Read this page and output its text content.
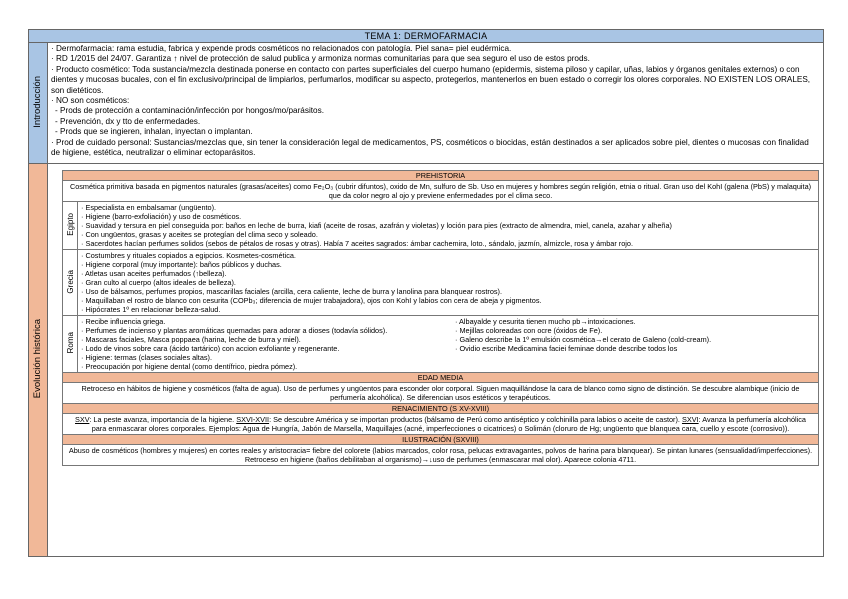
TEMA 1: DERMOFARMACIA
Introducción	
· Dermofarmacia: rama estudia, fabrica y expende prods cosméticos no relacionados con patología. Piel sana= piel eudérmica.
· RD 1/2015 del 24/07. Garantiza ↑ nivel de protección de salud publica y armoniza normas comunitarias para que sea seguro el uso de estos prods.
· Producto cosmético: Toda sustancia/mezcla destinada ponerse en contacto con partes superficiales del cuerpo humano (epidermis, sistema piloso y capilar, uñas, labios y órganos genitales externos) o con dientes y mucosas bucales, con el fin exclusivo/principal de limpiarlos, perfumarlos, modificar su aspecto, protegerlos, mantenerlos en buen estado o corregir los olores corporales. NO EXISTEN LOS ORALES, son dietéticos.
· NO son cosméticos:
- Prods de protección a contaminación/infección por hongos/mo/parásitos.
- Prevención, dx y tto de enfermedades.
- Prods que se ingieren, inhalan, inyectan o implantan.
· Prod de cuidado personal: Sustancias/mezclas que, sin tener la consideración legal de medicamentos, PS, cosméticos o biocidas, están destinados a ser aplicados sobre piel, dientes o mucosas con finalidad de higiene, estética, neutralizar o eliminar ectoparásitos.

Evolución histórica	
PREHISTORIA
Cosmética primitiva basada en pigmentos naturales (grasas/aceites) como Fe₂O₃ (cubrir difuntos), oxido de Mn, sulfuro de Sb. Uso en mujeres y hombres según religión, etnia o ritual. Gran uso del KohI (galena (PbS) y malaquita) que da color negro al ojo y previene enfermedades por el clima seco.
Egipto	
· Especialista en embalsamar (ungüento).
· Higiene (barro-exfoliación) y uso de cosméticos.
· Suavidad y tersura en piel conseguida por: baños en leche de burra, kiafi (aceite de rosas, azafrán y violetas) y loción para pies (extracto de almendra, miel, canela, azahar y alheña)
· Con ungüentos, grasas y aceites se protegían del clima seco y soleado.
· Sacerdotes hacían perfumes solidos (sebos de pétalos de rosas y otras). Había 7 aceites sagrados: ámbar cachemira, loto., sándalo, jazmín, almizcle, rosa y ámbar rojo.

Grecia	
· Costumbres y rituales copiados a egipcios. Kosmetes-cosmética.
· Higiene corporal (muy importante): baños públicos y duchas.
· Atletas usan aceites perfumados (↑belleza).
· Gran culto al cuerpo (altos ideales de belleza).
· Uso de bálsamos, perfumes propios, mascarillas faciales (arcilla, cera caliente, leche de burra y lanolina para blanquear rostros).
· Maquillaban el rostro de blanco con cesurita (COPb₃; diferencia de mujer trabajadora), ojos con KohI y labios con cera de abeja y pigmentos.
· Hipócrates 1º en relacionar belleza-salud.

Roma	
· Recibe influencia griega.
· Perfumes de incienso y plantas aromáticas quemadas para adorar a dioses (todavía sólidos).
· Mascaras faciales, Masca poppaea (harina, leche de burra y miel).
· Lodo de vinos sobre cara (ácido tartárico) con accion exfoliante y regenerante.
· Higiene: termas (clases sociales altas).
· Preocupación por higiene dental (como dentífrico, piedra pómez).
· Albayalde y cesurita tienen mucho pb→intoxicaciones.
· Mejillas coloreadas con ocre (óxidos de Fe).
· Galeno describe la 1º emulsión cosmética→el cerato de Galeno (cold-cream).
· Ovidio escribe Medicamina faciei feminae donde describe todos los

EDAD MEDIA
Retroceso en hábitos de higiene y cosméticos (falta de agua). Uso de perfumes y ungüentos para esconder olor corporal. Siguen maquillándose la cara de blanco como signo de distinción. Se descubre alambique (inicio de perfumería alcohólica). Se diferencian usos estéticos y terapéuticos.
RENACIMIENTO (S XV-XVIII)
SXV: La peste avanza, importancia de la higiene. SXVI-XVII: Se descubre América y se importan productos (bálsamo de Perú como antiséptico y colchinilla para labios o aceite de castor). SXVI: Avanza la perfumería alcohólica para enmascarar olores corporales. Ejemplos: Agua de Hungría, Jabón de Marsella, Maquillajes (acné, imperfecciones o cicatrices) o Solimán (cloruro de Hg; ungüento que blanquea cara, cuello y escote (corrosivo)).
ILUSTRACIÓN (SXVIII)
Abuso de cosméticos (hombres y mujeres) en cortes reales y aristocracia= fiebre del colorete (labios marcados, color rosa, pelucas extravagantes, polvos de harina para blanquear). Se pintan lunares (sensualidad/imperfecciones). Retroceso en higiene (baños debilitaban al organismo)→↓uso de perfumes (enmascarar mal olor). Aparece colonia 4711.
